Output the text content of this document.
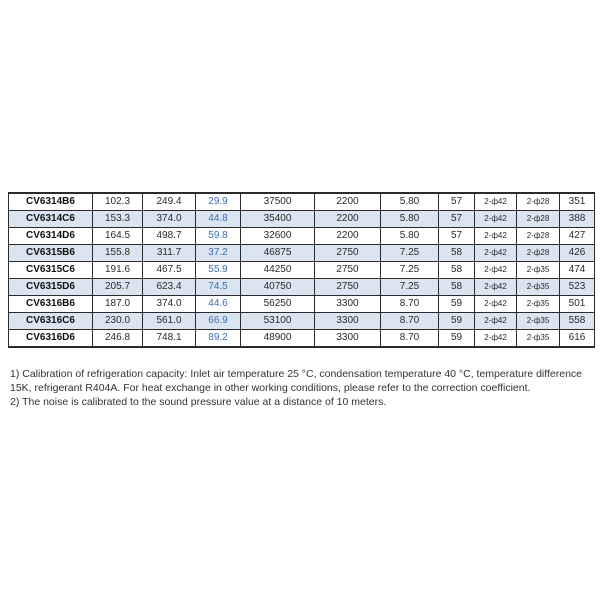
CV6314B6	102.3	249.4	29.9	37500	2200	5.80	57	2-ф42	2-ф28	351
CV6314C6	153.3	374.0	44.8	35400	2200	5.80	57	2-ф42	2-ф28	388
CV6314D6	164.5	498.7	59.8	32600	2200	5.80	57	2-ф42	2-ф28	427
CV6315B6	155.8	311.7	37.2	46875	2750	7.25	58	2-ф42	2-ф28	426
CV6315C6	191.6	467.5	55.9	44250	2750	7.25	58	2-ф42	2-ф35	474
CV6315D6	205.7	623.4	74.5	40750	2750	7.25	58	2-ф42	2-ф35	523
CV6316B6	187.0	374.0	44.6	56250	3300	8.70	59	2-ф42	2-ф35	501
CV6316C6	230.0	561.0	66.9	53100	3300	8.70	59	2-ф42	2-ф35	558
CV6316D6	246.8	748.1	89.2	48900	3300	8.70	59	2-ф42	2-ф35	616

1) Calibration of refrigeration capacity: Inlet air temperature 25 °C, condensation temperature 40 °C, temperature difference 15K, refrigerant R404A. For heat exchange in other working conditions, please refer to the correction coefficient.

2) The noise is calibrated to the sound pressure value at a distance of 10 meters.
